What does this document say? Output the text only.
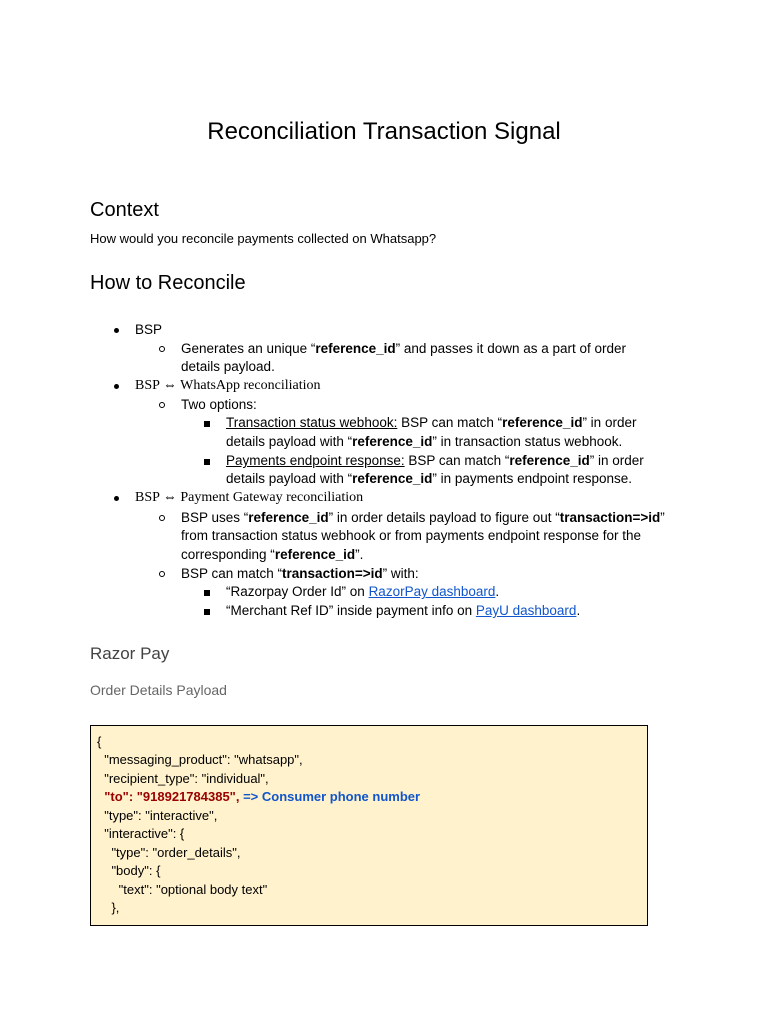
Reconciliation Transaction Signal
Context

How would you reconcile payments collected on Whatsapp?

How to Reconcile
BSP
Generates an unique “reference_id” and passes it down as a part of order
details payload.
BSP ⇔ WhatsApp reconciliation
Two options:
Transaction status webhook: BSP can match “reference_id” in order
details payload with “reference_id” in transaction status webhook.
Payments endpoint response: BSP can match “reference_id” in order
details payload with “reference_id” in payments endpoint response.
BSP ⇔ Payment Gateway reconciliation
BSP uses “reference_id” in order details payload to figure out “transaction=>id”
from transaction status webhook or from payments endpoint response for the
corresponding “reference_id”.
BSP can match “transaction=>id” with:
“Razorpay Order Id” on RazorPay dashboard.
“Merchant Ref ID” inside payment info on PayU dashboard.
Razor Pay
Order Details Payload
{
"messaging_product": "whatsapp",
"recipient_type": "individual",
"to": "918921784385", => Consumer phone number
"type": "interactive",
"interactive": {
"type": "order_details",
"body": {
"text": "optional body text"
},
